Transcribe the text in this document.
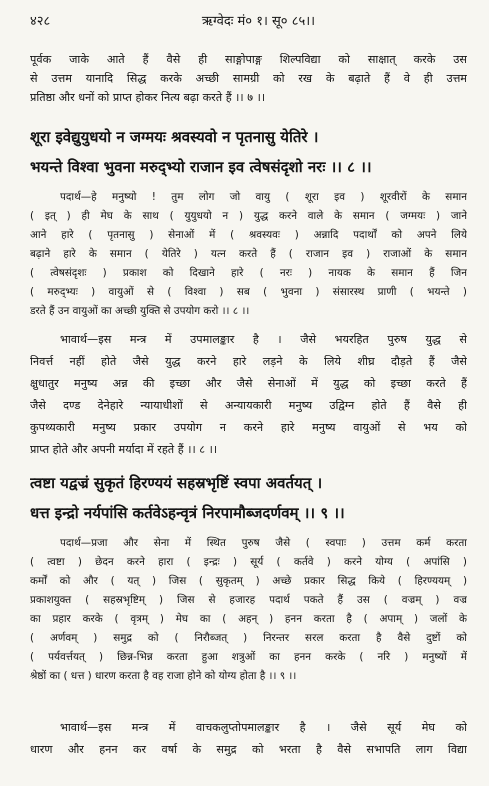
४२८	ऋग्वेदः मं० १। सू० ८५।।
पूर्वक जाके आते हैं वैसे ही साङ्गोपाङ्ग शिल्पविद्या को साक्षात् करके उस
से उत्तम यानादि सिद्ध करके अच्छी सामग्री को रख के बढ़ाते हैं वे ही उत्तम
प्रतिष्ठा और धनों को प्राप्त होकर नित्य बढ़ा करते हैं ।। ७ ।।
शूरा इवेद्युयुधयो न जग्मयः श्रवस्यवो न पृतनासु येतिरे ।
भयन्ते विश्वा भुवना मरुद्भ्यो राजान इव त्वेषसंदृशो नरः ।। ८ ।।
पदार्थ—हे मनुष्यो ! तुम लोग जो वायु ( शूरा इव ) शूरवीरों के समान
( इत् ) ही मेघ के साथ ( युयुधयो न ) युद्ध करने वाले के समान ( जग्मयः ) जाने
आने हारे ( पृतनासु ) सेनाओं में ( श्रवस्यवः ) अन्नादि पदार्थों को अपने लिये
बढ़ाने हारे के समान ( येतिरे ) यत्न करते हैं ( राजान इव ) राजाओं के समान
( त्वेषसंदृशः ) प्रकाश को दिखाने हारे ( नरः ) नायक के समान हैं जिन
( मरुद्भ्यः ) वायुओं से ( विश्वा ) सब ( भुवना ) संसारस्थ प्राणी ( भयन्ते )
डरते हैं उन वायुओं का अच्छी युक्ति से उपयोग करो ।। ८ ।।
भावार्थ—इस मन्त्र में उपमालङ्कार है । जैसे भयरहित पुरुष युद्ध से
निवर्त्त नहीं होते जैसे युद्ध करने हारे लड़ने के लिये शीघ्र दौड़ते हैं जैसे
क्षुधातुर मनुष्य अन्न की इच्छा और जैसे सेनाओं में युद्ध को इच्छा करते हैं
जैसे दण्ड देनेहारे न्यायाधीशों से अन्यायकारी मनुष्य उद्विग्न होते हैं वैसे ही
कुपथ्यकारी मनुष्य प्रकार उपयोग न करने हारे मनुष्य वायुओं से भय को
प्राप्त होते और अपनी मर्यादा में रहते हैं ।। ८ ।।
त्वष्टा यद्वज्रं सुकृतं हिरण्ययं सहस्रभृष्टिं स्वपा अवर्तयत् ।
धत्त इन्द्रो नर्यपांसि कर्तवेऽहन्वृत्रं निरपामौब्जदर्णवम् ।। ९ ।।
पदार्थ—प्रजा और सेना में स्थित पुरुष जैसे ( स्वपाः ) उत्तम कर्म करता
( त्वष्टा ) छेदन करने हारा ( इन्द्रः ) सूर्य ( कर्तवे ) करने योग्य ( अपांसि )
कर्मों को और ( यत् ) जिस ( सुकृतम् ) अच्छे प्रकार सिद्ध किये ( हिरण्ययम् )
प्रकाशयुक्त ( सहस्रभृष्टिम् ) जिस से हजारह पदार्थ पकते हैं उस ( वज्रम् ) वज्र
का प्रहार करके ( वृत्रम् ) मेघ का ( अहन् ) हनन करता है ( अपाम् ) जलों के
( अर्णवम् ) समुद्र को ( निरौब्जत् ) निरन्तर सरल करता है वैसे दुष्टों को
( पर्यवर्त्तयत् ) छिन्न-भिन्न करता हुआ शत्रुओं का हनन करके ( नरि ) मनुष्यों में
श्रेष्ठों का ( धत्त ) धारण करता है वह राजा होने को योग्य होता है ।। ९ ।।
भावार्थ—इस मन्त्र में वाचकलुप्तोपमालङ्कार है । जैसे सूर्य मेघ को
धारण और हनन कर वर्षा के समुद्र को भरता है वैसे सभापति लाग विद्या
